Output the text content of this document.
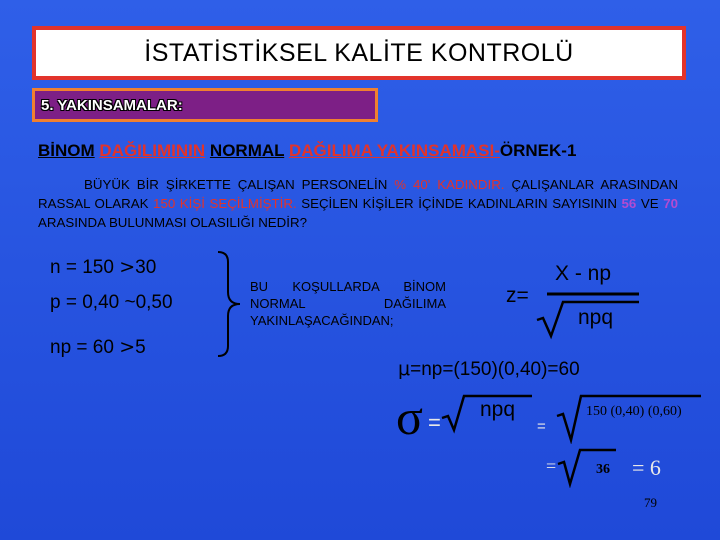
İSTATİSTİKSEL KALİTE KONTROLÜ
5. YAKINSAMALAR:
BİNOM DAĞILIMININ NORMAL DAĞILIMA YAKINSAMASI-ÖRNEK-1
BÜYÜK BİR ŞİRKETTE ÇALIŞAN PERSONELİN % 40' KADINDIR. ÇALIŞANLAR ARASINDAN RASSAL OLARAK 150 KİŞİ SEÇİLMİŞTİR. SEÇİLEN KİŞİLER İÇİNDE KADINLARIN SAYISININ 56 VE 70 ARASINDA BULUNMASI OLASILIĞI NEDİR?
n = 150 >30
p = 0,40 ~0,50
np = 60 >5
BU KOŞULLARDA BİNOM NORMAL DAĞILIMA YAKINLAŞACAĞINDAN;
z=
X - np
npq
μ=np=(150)(0,40)=60
σ =
npq
=
150 (0,40) (0,60)
=	36 = 6
79
